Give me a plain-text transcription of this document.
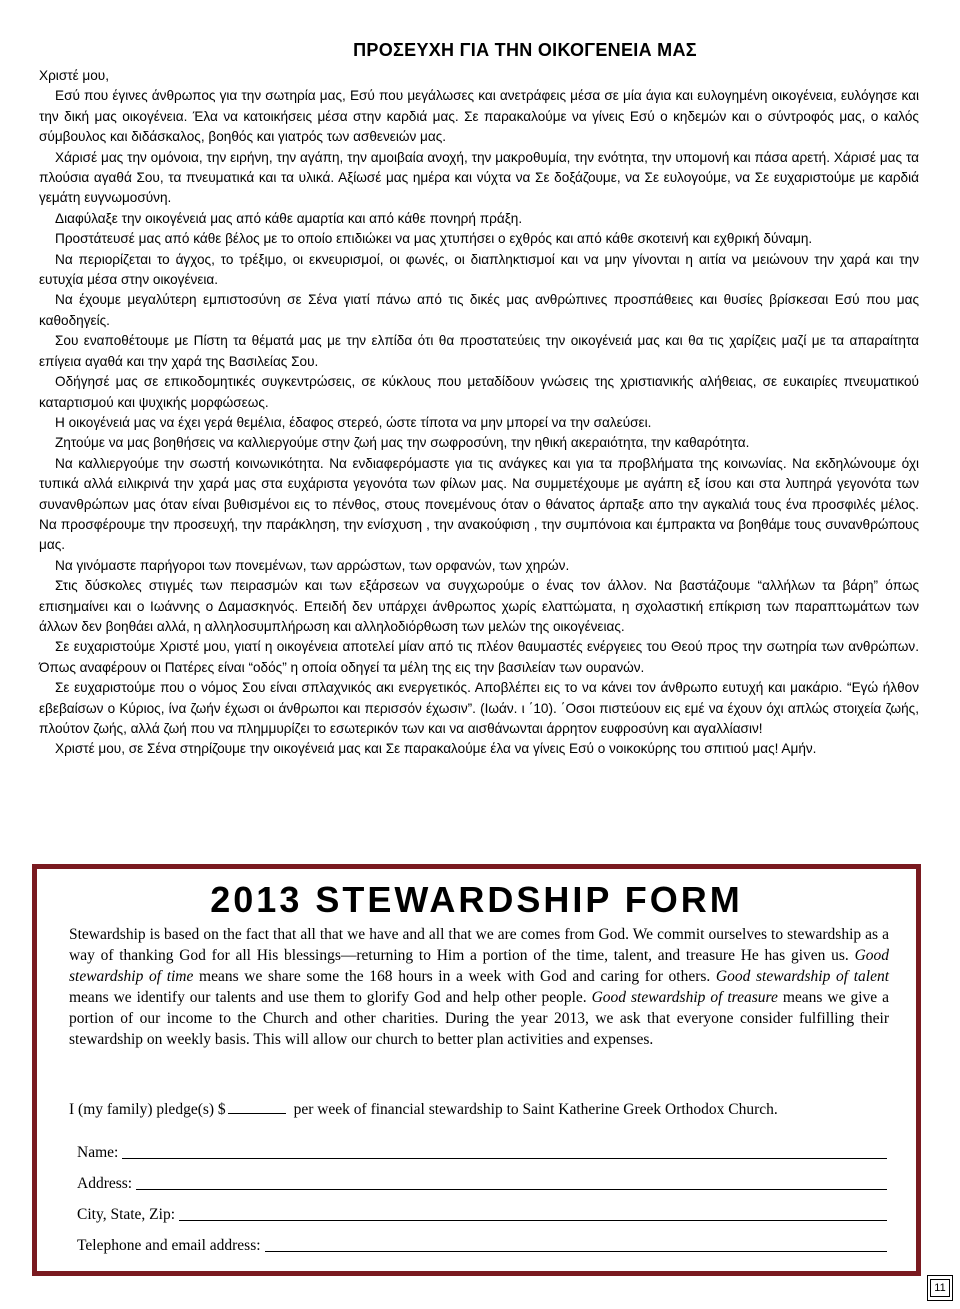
ΠΡΟΣΕΥΧΗ ΓΙΑ ΤΗΝ ΟΙΚΟΓΕΝΕΙΑ ΜΑΣ

Χριστέ μου,

Εσύ που έγινες άνθρωπος για την σωτηρία μας, Εσύ που μεγάλωσες και ανετράφεις μέσα σε μία άγια και ευλογημένη οικογένεια, ευλόγησε και την δική μας οικογένεια. Έλα να κατοικήσεις μέσα στην καρδιά μας. Σε παρακαλούμε να γίνεις Εσύ ο κηδεμών και ο σύντροφός μας, ο καλός σύμβουλος και διδάσκαλος, βοηθός και γιατρός των ασθενειών μας.

Χάρισέ μας την ομόνοια, την ειρήνη, την αγάπη, την αμοιβαία ανοχή, την μακροθυμία, την ενότητα, την υπομονή και πάσα αρετή. Χάρισέ μας τα πλούσια αγαθά Σου, τα πνευματικά και τα υλικά. Αξίωσέ μας ημέρα και νύχτα να Σε δοξάζουμε, να Σε ευλογούμε, να Σε ευχαριστούμε με καρδιά γεμάτη ευγνωμοσύνη.

Διαφύλαξε την οικογένειά μας από κάθε αμαρτία και από κάθε πονηρή πράξη.

Προστάτευσέ μας από κάθε βέλος με το οποίο επιδιώκει να μας χτυπήσει ο εχθρός και από κάθε σκοτεινή και εχθρική δύναμη.

Να περιορίζεται το άγχος, το τρέξιμο, οι εκνευρισμοί, οι φωνές, οι διαπληκτισμοί και να μην γίνονται η αιτία να μειώνουν την χαρά και την ευτυχία μέσα στην οικογένεια.

Να έχουμε μεγαλύτερη εμπιστοσύνη σε Σένα γιατί πάνω από τις δικές μας ανθρώπινες προσπάθειες και θυσίες βρίσκεσαι Εσύ που μας καθοδηγείς.

Σου εναποθέτουμε με Πίστη τα θέματά μας με την ελπίδα ότι θα προστατεύεις την οικογένειά μας και θα τις χαρίζεις μαζί με τα απαραίτητα επίγεια αγαθά και την χαρά της Βασιλείας Σου.

Οδήγησέ μας σε επικοδομητικές συγκεντρώσεις, σε κύκλους που μεταδίδουν γνώσεις της χριστιανικής αλήθειας, σε ευκαιρίες πνευματικού καταρτισμού και ψυχικής μορφώσεως.

Η οικογένειά μας να έχει γερά θεμέλια, έδαφος στερεό, ώστε τίποτα να μην μπορεί να την σαλεύσει.

Ζητούμε να μας βοηθήσεις να καλλιεργούμε στην ζωή μας την σωφροσύνη, την ηθική ακεραιότητα, την καθαρότητα.

Να καλλιεργούμε την σωστή κοινωνικότητα. Να ενδιαφερόμαστε για τις ανάγκες και για τα προβλήματα της κοινωνίας. Να εκδηλώνουμε όχι τυπικά αλλά ειλικρινά την χαρά μας στα ευχάριστα γεγονότα των φίλων μας. Να συμμετέχουμε με αγάπη εξ ίσου και στα λυπηρά γεγονότα των συνανθρώπων μας όταν είναι βυθισμένοι εις το πένθος, στους πονεμένους όταν ο θάνατος άρπαξε απο την αγκαλιά τους ένα προσφιλές μέλος. Να προσφέρουμε την προσευχή, την παράκληση, την ενίσχυση , την ανακούφιση , την συμπόνοια και έμπρακτα να βοηθάμε τους συνανθρώπους μας.

Να γινόμαστε παρήγοροι των πονεμένων, των αρρώστων, των ορφανών, των χηρών.

Στις δύσκολες στιγμές των πειρασμών και των εξάρσεων να συγχωρούμε ο ένας τον άλλον. Να βαστάζουμε “αλλήλων τα βάρη” όπως επισημαίνει και ο Ιωάννης ο Δαμασκηνός. Επειδή δεν υπάρχει άνθρωπος χωρίς ελαττώματα, η σχολαστική επίκριση των παραπτωμάτων των άλλων δεν βοηθάει αλλά, η αλληλοσυμπλήρωση και αλληλοδιόρθωση των μελών της οικογένειας.

Σε ευχαριστούμε Χριστέ μου, γιατί η οικογένεια αποτελεί μίαν από τις πλέον θαυμαστές ενέργειες του Θεού προς την σωτηρία των ανθρώπων. Όπως αναφέρουν οι Πατέρες είναι “οδός” η οποία οδηγεί τα μέλη της εις την βασιλείαν των ουρανών.

Σε ευχαριστούμε που ο νόμος Σου είναι σπλαχνικός ακι ενεργετικός. Αποβλέπει εις το να κάνει τον άνθρωπο ευτυχή και μακάριο. “Εγώ ήλθον εβεβαίσων ο Κύριος, ίνα ζωήν έχωσι οι άνθρωποι και περισσόν έχωσιν”. (Ιωάν. ι ΄10). ΄Οσοι πιστεύουν εις εμέ να έχουν όχι απλώς στοιχεία ζωής, πλούτον ζωής, αλλά ζωή που να πλημμυρίζει το εσωτερικόν των και να αισθάνωνται άρρητον ευφροσύνη και αγαλλίασιν!

Χριστέ μου, σε Σένα στηρίζουμε την οικογένειά μας και Σε παρακαλούμε έλα να γίνεις Εσύ ο νοικοκύρης του σπιτιού μας! Αμήν.

2013 STEWARDSHIP FORM
Stewardship is based on the fact that all that we have and all that we are comes from God. We commit ourselves to stewardship as a way of thanking God for all His blessings—returning to Him a portion of the time, talent, and treasure He has given us. Good stewardship of time means we share some the 168 hours in a week with God and caring for others. Good stewardship of talent means we identify our talents and use them to glorify God and help other people. Good stewardship of treasure means we give a portion of our income to the Church and other charities. During the year 2013, we ask that everyone consider fulfilling their stewardship on weekly basis. This will allow our church to better plan activities and expenses.
I (my family) pledge(s) $	per week of financial stewardship to Saint Katherine Greek Orthodox Church.
Name:
Address:
City, State, Zip:
Telephone and email address:
11
